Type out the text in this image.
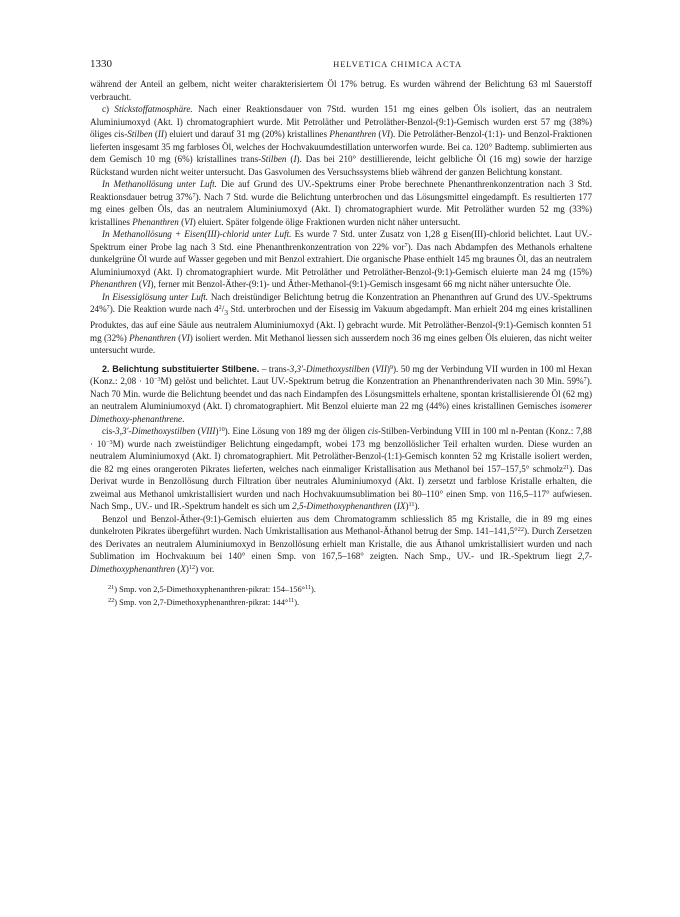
1330	HELVETICA CHIMICA ACTA

während der Anteil an gelbem, nicht weiter charakterisiertem Öl 17% betrug. Es wurden während der Belichtung 63 ml Sauerstoff verbraucht.

c) Stickstoffatmosphäre. Nach einer Reaktionsdauer von 7Std. wurden 151 mg eines gelben Öls isoliert, das an neutralem Aluminiumoxyd (Akt. I) chromatographiert wurde. Mit Petroläther und Petroläther-Benzol-(9:1)-Gemisch wurden erst 57 mg (38%) öliges cis-Stilben (II) eluiert und darauf 31 mg (20%) kristallines Phenanthren (VI). Die Petroläther-Benzol-(1:1)- und Benzol-Fraktionen lieferten insgesamt 35 mg farbloses Öl, welches der Hochvakuumdestillation unterworfen wurde. Bei ca. 120° Badtemp. sublimierten aus dem Gemisch 10 mg (6%) kristallines trans-Stilben (I). Das bei 210° destillierende, leicht gelbliche Öl (16 mg) sowie der harzige Rückstand wurden nicht weiter untersucht. Das Gasvolumen des Versuchssystems blieb während der ganzen Belichtung konstant.

In Methanollösung unter Luft. Die auf Grund des UV.-Spektrums einer Probe berechnete Phenanthrenkonzentration nach 3 Std. Reaktionsdauer betrug 37%$^7$). Nach 7 Std. wurde die Belichtung unterbrochen und das Lösungsmittel eingedampft. Es resultierten 177 mg eines gelben Öls, das an neutralem Aluminiumoxyd (Akt. I) chromatographiert wurde. Mit Petroläther wurden 52 mg (33%) kristallines Phenanthren (VI) eluiert. Später folgende ölige Fraktionen wurden nicht näher untersucht.

In Methanollösung + Eisen(III)-chlorid unter Luft. Es wurde 7 Std. unter Zusatz von 1,28 g Eisen(III)-chlorid belichtet. Laut UV.-Spektrum einer Probe lag nach 3 Std. eine Phenanthrenkonzentration von 22% vor$^7$). Das nach Abdampfen des Methanols erhaltene dunkelgrüne Öl wurde auf Wasser gegeben und mit Benzol extrahiert. Die organische Phase enthielt 145 mg braunes Öl, das an neutralem Aluminiumoxyd (Akt. I) chromatographiert wurde. Mit Petroläther und Petroläther-Benzol-(9:1)-Gemisch eluierte man 24 mg (15%) Phenanthren (VI), ferner mit Benzol-Äther-(9:1)- und Äther-Methanol-(9:1)-Gemisch insgesamt 66 mg nicht näher untersuchte Öle.

In Eisessiglösung unter Luft. Nach dreistündiger Belichtung betrug die Konzentration an Phenanthren auf Grund des UV.-Spektrums 24%$^7$). Die Reaktion wurde nach $4^2/_3$ Std. unterbrochen und der Eisessig im Vakuum abgedampft. Man erhielt 204 mg eines kristallinen Produktes, das auf eine Säule aus neutralem Aluminiumoxyd (Akt. I) gebracht wurde. Mit Petroläther-Benzol-(9:1)-Gemisch konnten 51 mg (32%) Phenanthren (VI) isoliert werden. Mit Methanol liessen sich ausserdem noch 36 mg eines gelben Öls eluieren, das nicht weiter untersucht wurde.

2. Belichtung substituierter Stilbene. – trans-3,3′-Dimethoxystilben (VII)$^9$). 50 mg der Verbindung VII wurden in 100 ml Hexan (Konz.: $2,08 \cdot 10^{-3}M$) gelöst und belichtet. Laut UV.-Spektrum betrug die Konzentration an Phenanthrenderivaten nach 30 Min. 59%$^7$). Nach 70 Min. wurde die Belichtung beendet und das nach Eindampfen des Lösungsmittels erhaltene, spontan kristallisierende Öl (62 mg) an neutralem Aluminiumoxyd (Akt. I) chromatographiert. Mit Benzol eluierte man 22 mg (44%) eines kristallinen Gemisches isomerer Dimethoxy-phenanthrene.

cis-3,3′-Dimethoxystilben (VIII)$^{10}$). Eine Lösung von 189 mg der öligen cis-Stilben-Verbindung VIII in 100 ml n-Pentan (Konz.: $7,88 \cdot 10^{-3}M$) wurde nach zweistündiger Belichtung eingedampft, wobei 173 mg benzollöslicher Teil erhalten wurden. Diese wurden an neutralem Aluminiumoxyd (Akt. I) chromatographiert. Mit Petroläther-Benzol-(1:1)-Gemisch konnten 52 mg Kristalle isoliert werden, die 82 mg eines orangeroten Pikrates lieferten, welches nach einmaliger Kristallisation aus Methanol bei 157–157,5° schmolz$^{21}$). Das Derivat wurde in Benzollösung durch Filtration über neutrales Aluminiumoxyd (Akt. I) zersetzt und farblose Kristalle erhalten, die zweimal aus Methanol umkristallisiert wurden und nach Hochvakuumsublimation bei 80–110° einen Smp. von 116,5–117° aufwiesen. Nach Smp., UV.- und IR.-Spektrum handelt es sich um 2,5-Dimethoxyphenanthren (IX)$^{11}$).

Benzol und Benzol-Äther-(9:1)-Gemisch eluierten aus dem Chromatogramm schliesslich 85 mg Kristalle, die in 89 mg eines dunkelroten Pikrates übergeführt wurden. Nach Umkristallisation aus Methanol-Äthanol betrug der Smp. 141–141,5°$^{22}$). Durch Zersetzen des Derivates an neutralem Aluminiumoxyd in Benzollösung erhielt man Kristalle, die aus Äthanol umkristallisiert wurden und nach Sublimation im Hochvakuum bei 140° einen Smp. von 167,5–168° zeigten. Nach Smp., UV.- und IR.-Spektrum liegt 2,7-Dimethoxyphenanthren $(X)^{12}$) vor.

$^{21}$) Smp. von 2,5-Dimethoxyphenanthren-pikrat: 154–156°$^{11}$).

$^{22}$) Smp. von 2,7-Dimethoxyphenanthren-pikrat: 144°$^{11}$).
